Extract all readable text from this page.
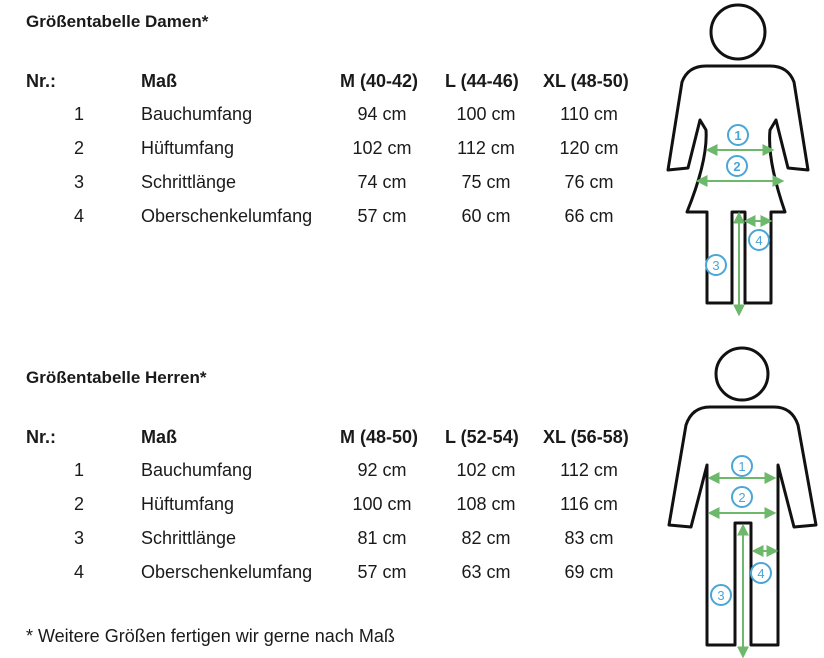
Größentabelle Damen*
Nr.:	Maß	M (40-42)	L (44-46)	XL (48-50)
1	Bauchumfang	94 cm	100 cm	110 cm
2	Hüftumfang	102 cm	112 cm	120 cm
3	Schrittlänge	74 cm	75 cm	76 cm
4	Oberschenkelumfang	57 cm	60 cm	66 cm
Größentabelle Herren*
Nr.:	Maß	M (48-50)	L (52-54)	XL (56-58)
1	Bauchumfang	92 cm	102 cm	112 cm
2	Hüftumfang	100 cm	108 cm	116 cm
3	Schrittlänge	81 cm	82 cm	83 cm
4	Oberschenkelumfang	57 cm	63 cm	69 cm
* Weitere Größen fertigen wir gerne nach Maß
1
2
3
4
1
2
3
4
